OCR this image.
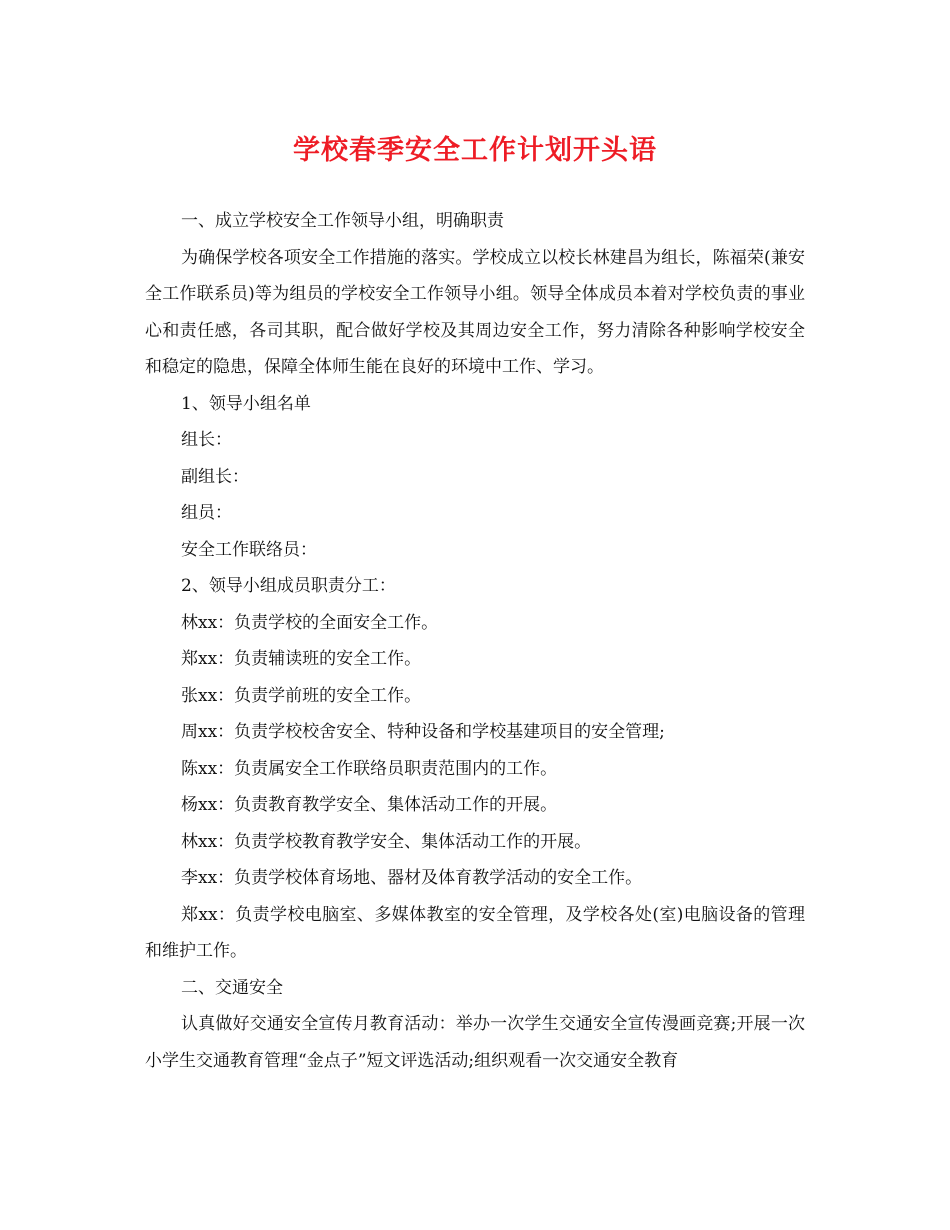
学校春季安全工作计划开头语

一、成立学校安全工作领导小组，明确职责

为确保学校各项安全工作措施的落实。学校成立以校长林建昌为组长，陈福荣(兼安全工作联系员)等为组员的学校安全工作领导小组。领导全体成员本着对学校负责的事业心和责任感，各司其职，配合做好学校及其周边安全工作，努力清除各种影响学校安全和稳定的隐患，保障全体师生能在良好的环境中工作、学习。

1、领导小组名单

组长：

副组长：

组员：

安全工作联络员：

2、领导小组成员职责分工：

林xx：负责学校的全面安全工作。

郑xx：负责辅读班的安全工作。

张xx：负责学前班的安全工作。

周xx：负责学校校舍安全、特种设备和学校基建项目的安全管理;

陈xx：负责属安全工作联络员职责范围内的工作。

杨xx：负责教育教学安全、集体活动工作的开展。

林xx：负责学校教育教学安全、集体活动工作的开展。

李xx：负责学校体育场地、器材及体育教学活动的安全工作。

郑xx：负责学校电脑室、多媒体教室的安全管理，及学校各处(室)电脑设备的管理和维护工作。

二、交通安全

认真做好交通安全宣传月教育活动：举办一次学生交通安全宣传漫画竞赛;开展一次小学生交通教育管理“金点子”短文评选活动;组织观看一次交通安全教育
